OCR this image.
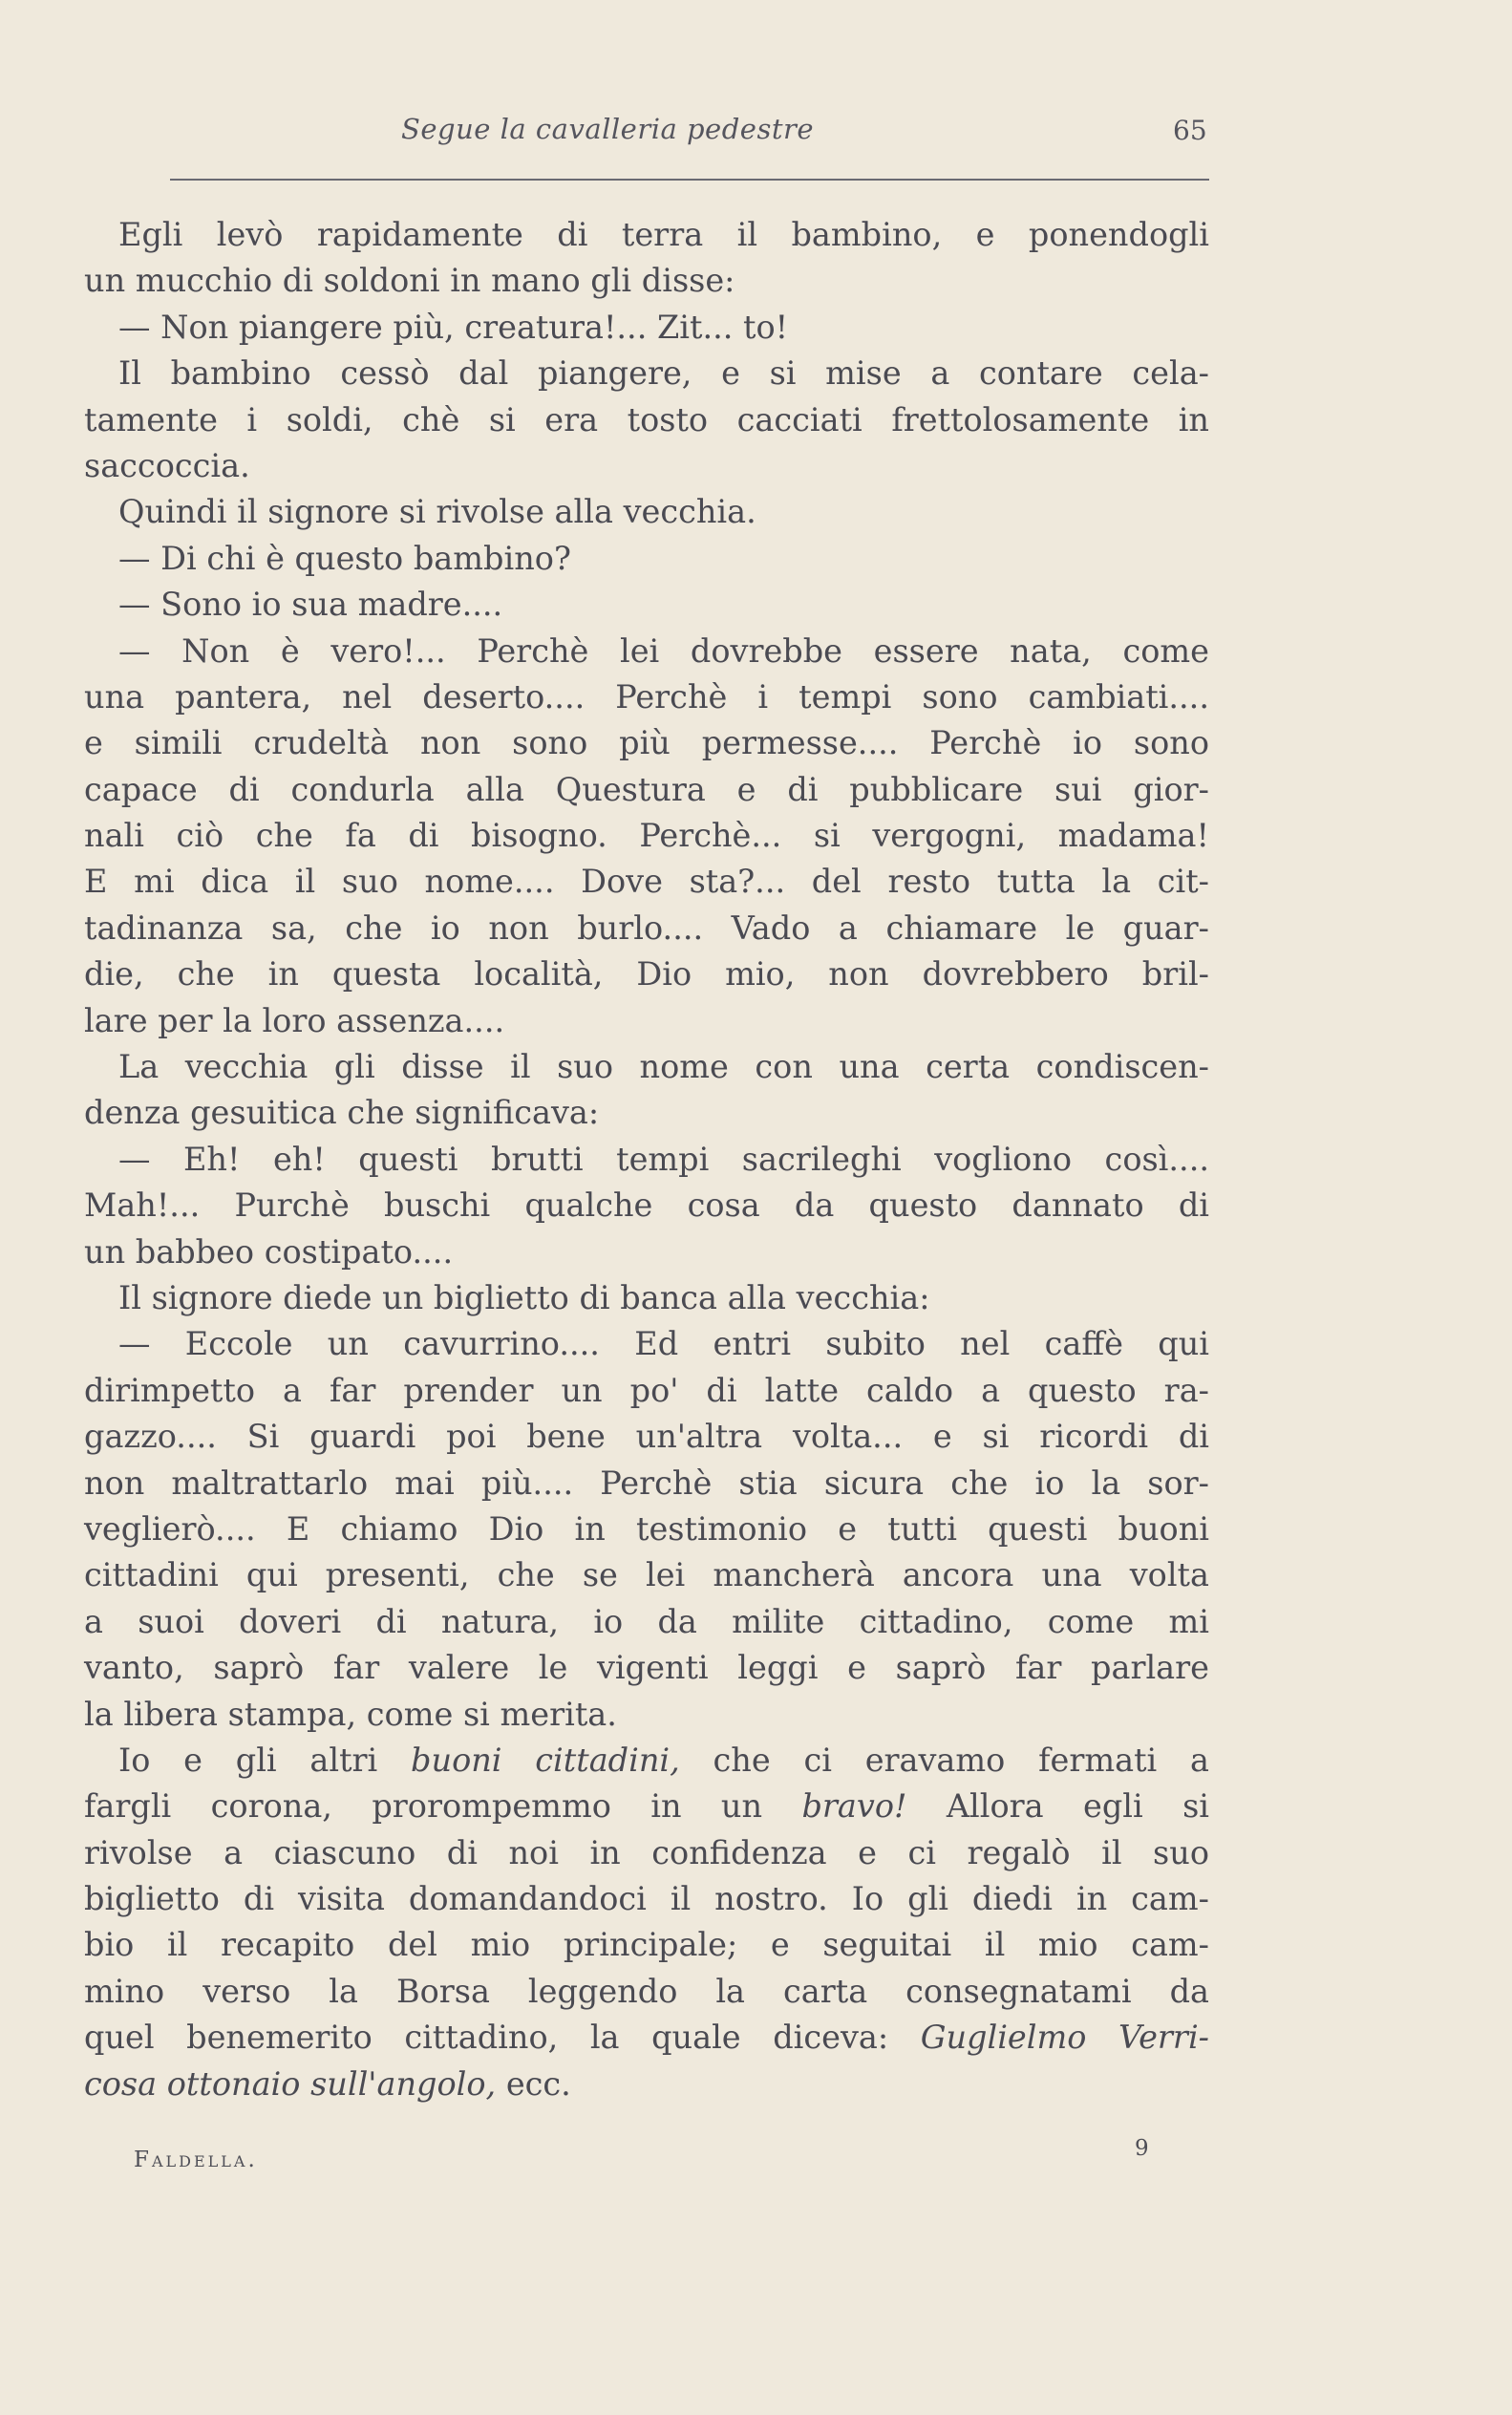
Segue la cavalleria pedestre	65
Egli levò rapidamente di terra il bambino, e ponendogli
un mucchio di soldoni in mano gli disse:
— Non piangere più, creatura!... Zit... to!
Il bambino cessò dal piangere, e si mise a contare cela-
tamente i soldi, chè si era tosto cacciati frettolosamente in
saccoccia.
Quindi il signore si rivolse alla vecchia.
— Di chi è questo bambino?
— Sono io sua madre....
— Non è vero!... Perchè lei dovrebbe essere nata, come
una pantera, nel deserto.... Perchè i tempi sono cambiati....
e simili crudeltà non sono più permesse.... Perchè io sono
capace di condurla alla Questura e di pubblicare sui gior-
nali ciò che fa di bisogno. Perchè... si vergogni, madama!
E mi dica il suo nome.... Dove sta?... del resto tutta la cit-
tadinanza sa, che io non burlo.... Vado a chiamare le guar-
die, che in questa località, Dio mio, non dovrebbero bril-
lare per la loro assenza....
La vecchia gli disse il suo nome con una certa condiscen-
denza gesuitica che significava:
— Eh! eh! questi brutti tempi sacrileghi vogliono così....
Mah!... Purchè buschi qualche cosa da questo dannato di
un babbeo costipato....
Il signore diede un biglietto di banca alla vecchia:
— Eccole un cavurrino.... Ed entri subito nel caffè qui
dirimpetto a far prender un po' di latte caldo a questo ra-
gazzo.... Si guardi poi bene un'altra volta... e si ricordi di
non maltrattarlo mai più.... Perchè stia sicura che io la sor-
veglierò.... E chiamo Dio in testimonio e tutti questi buoni
cittadini qui presenti, che se lei mancherà ancora una volta
a suoi doveri di natura, io da milite cittadino, come mi
vanto, saprò far valere le vigenti leggi e saprò far parlare
la libera stampa, come si merita.
Io e gli altri buoni cittadini, che ci eravamo fermati a
fargli corona, prorompemmo in un bravo! Allora egli si
rivolse a ciascuno di noi in confidenza e ci regalò il suo
biglietto di visita domandandoci il nostro. Io gli diedi in cam-
bio il recapito del mio principale; e seguitai il mio cam-
mino verso la Borsa leggendo la carta consegnatami da
quel benemerito cittadino, la quale diceva: Guglielmo Verri-
cosa ottonaio sull'angolo, ecc.
Faldella.	9
